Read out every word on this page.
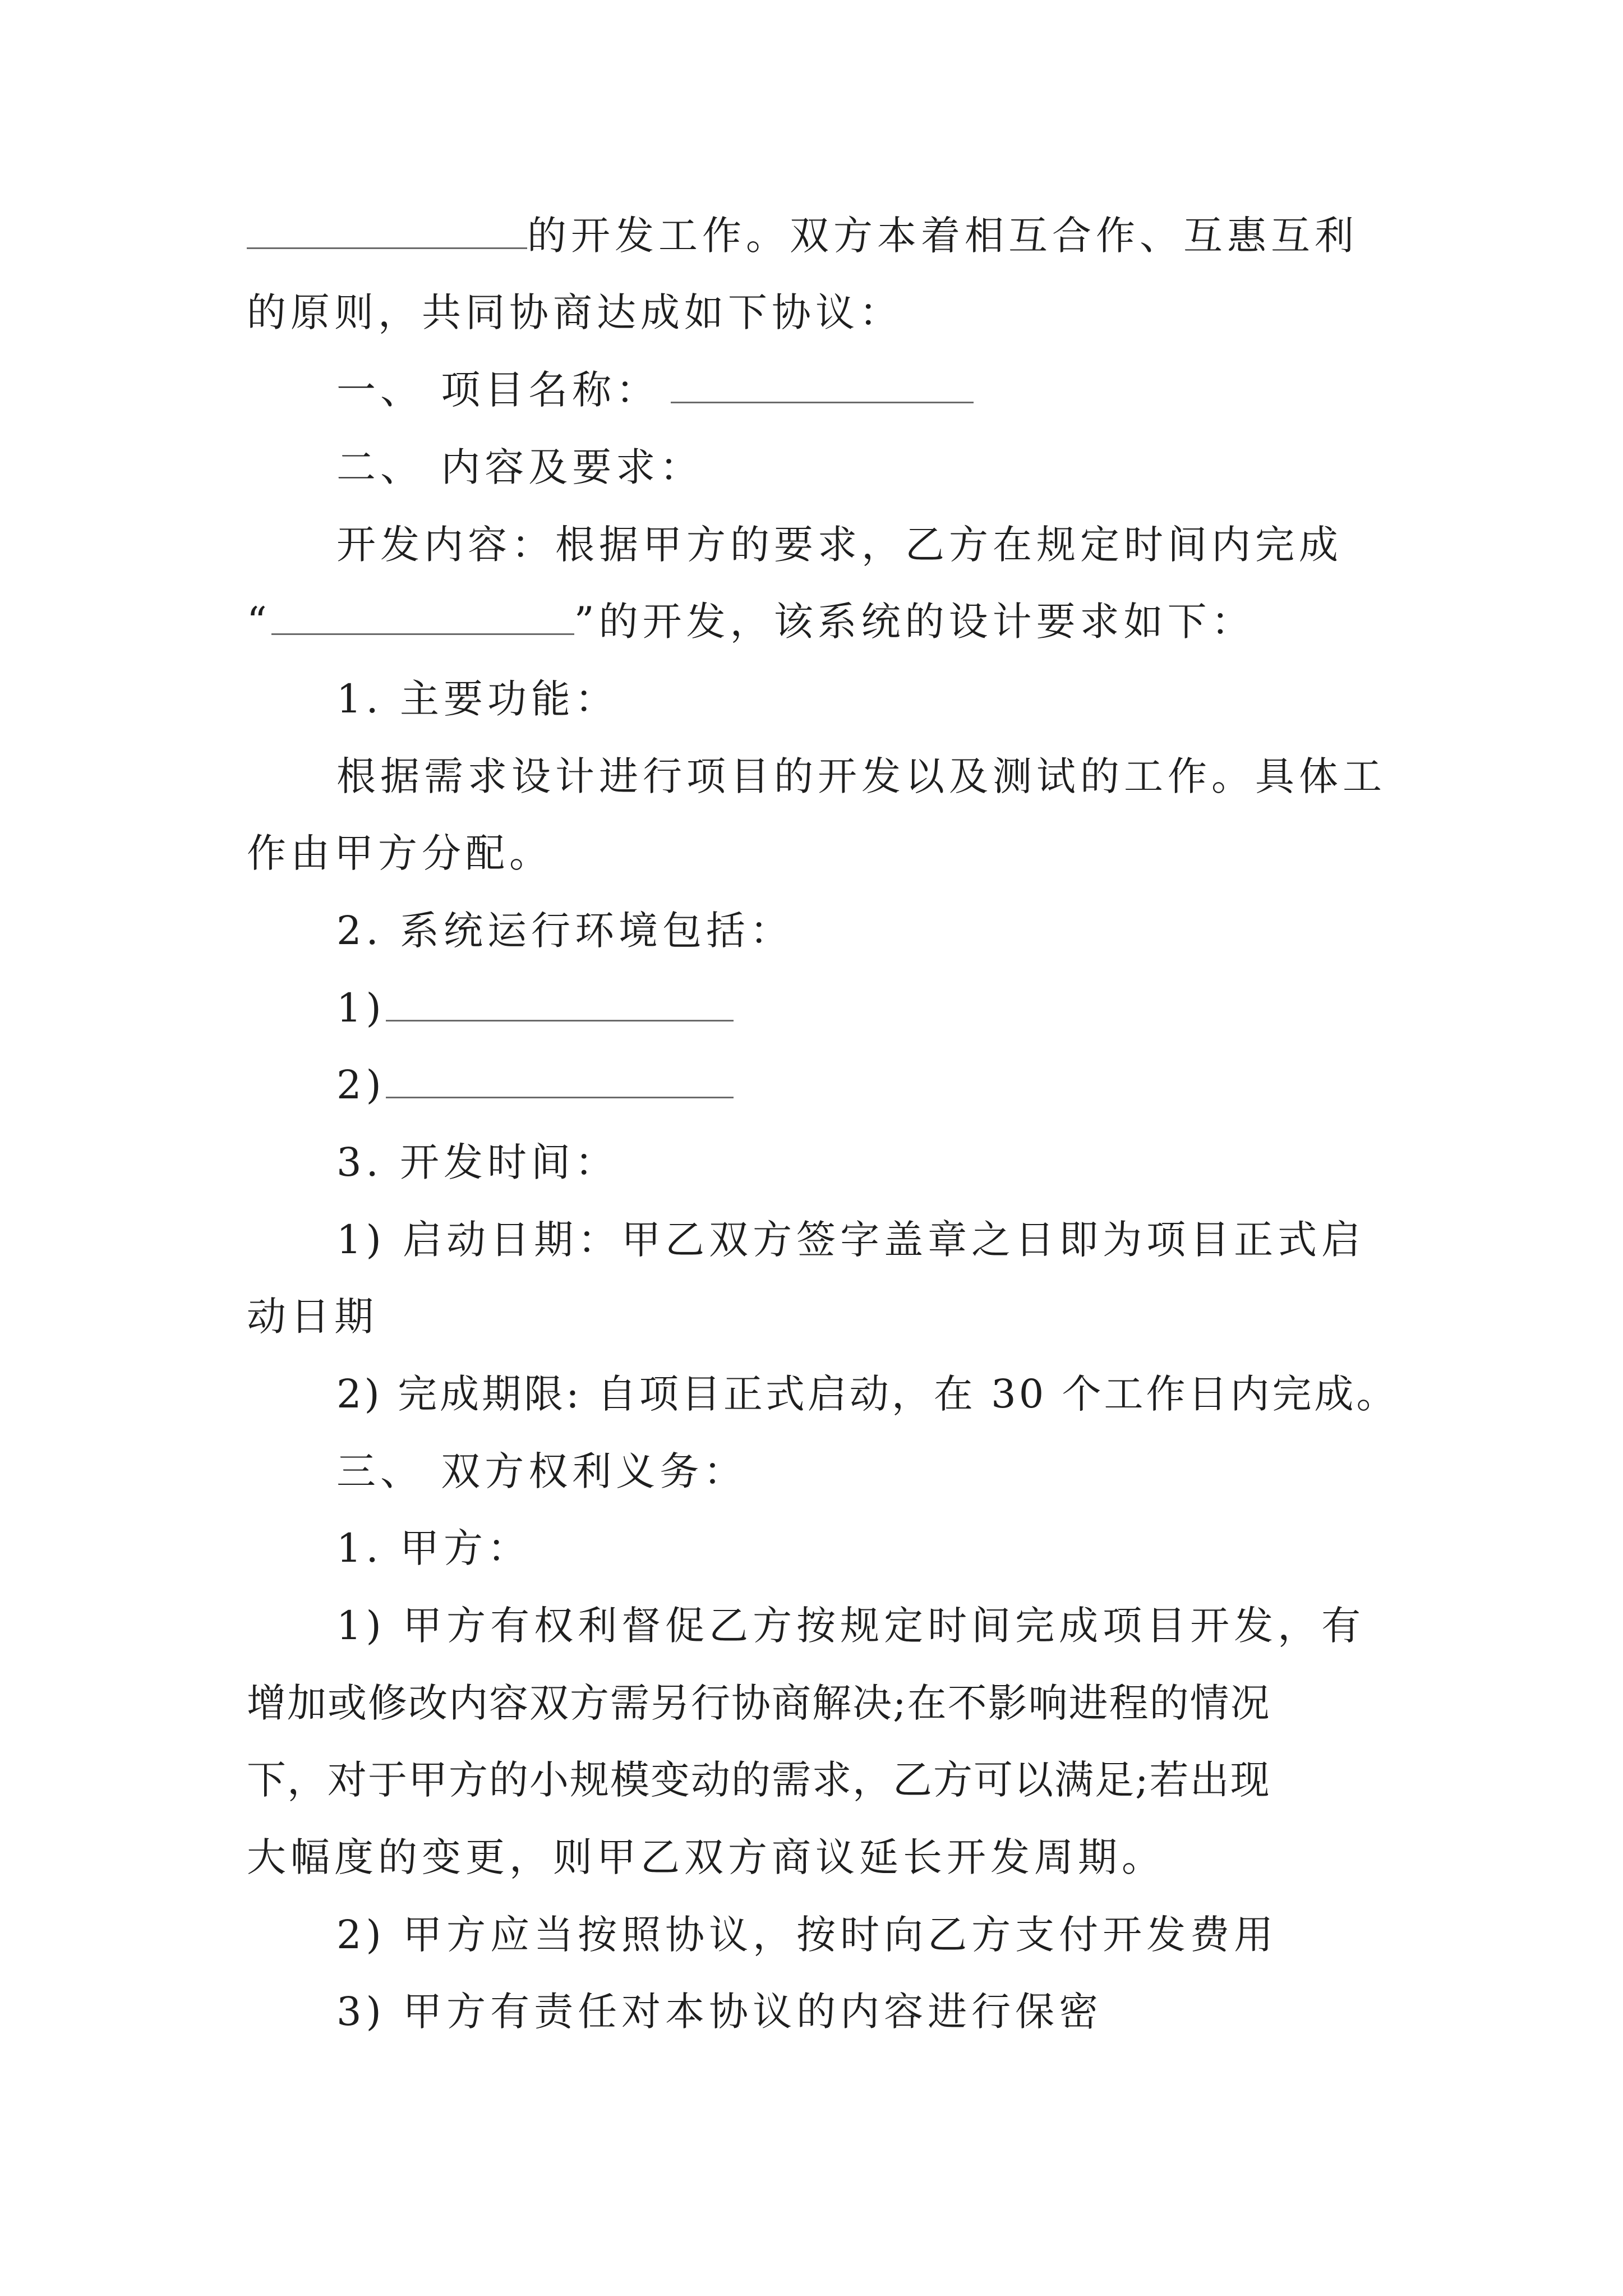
的开发工作。双方本着相互合作、互惠互利
的原则，共同协商达成如下协议：
一、 项目名称：
二、 内容及要求：
开发内容：根据甲方的要求，乙方在规定时间内完成
“	”的开发，该系统的设计要求如下：
1. 主要功能：
根据需求设计进行项目的开发以及测试的工作。具体工
作由甲方分配。
2. 系统运行环境包括：
1)
2)
3. 开发时间：
1) 启动日期：甲乙双方签字盖章之日即为项目正式启
动日期
2) 完成期限: 自项目正式启动，在 30 个工作日内完成。
三、 双方权利义务：
1. 甲方：
1) 甲方有权利督促乙方按规定时间完成项目开发，有
增加或修改内容双方需另行协商解决;在不影响进程的情况
下，对于甲方的小规模变动的需求，乙方可以满足;若出现
大幅度的变更，则甲乙双方商议延长开发周期。
2) 甲方应当按照协议，按时向乙方支付开发费用
3) 甲方有责任对本协议的内容进行保密
